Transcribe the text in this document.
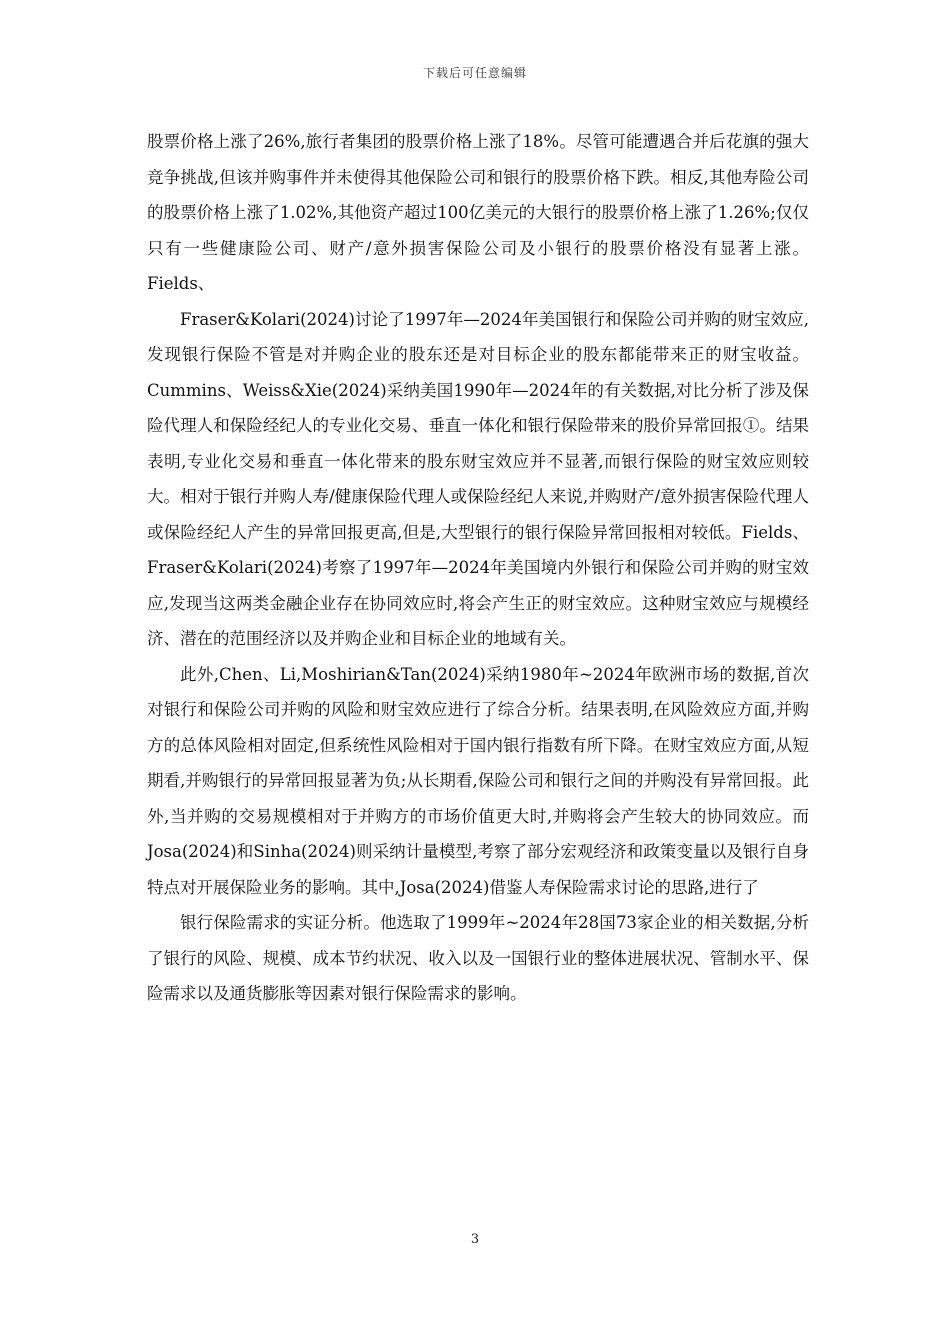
下载后可任意编辑

股票价格上涨了26%,旅行者集团的股票价格上涨了18%。尽管可能遭遇合并后花旗的强大竞争挑战,但该并购事件并未使得其他保险公司和银行的股票价格下跌。相反,其他寿险公司的股票价格上涨了1.02%,其他资产超过100亿美元的大银行的股票价格上涨了1.26%;仅仅只有一些健康险公司、财产/意外损害保险公司及小银行的股票价格没有显著上涨。Fields、

Fraser&Kolari(2024)讨论了1997年—2024年美国银行和保险公司并购的财宝效应,发现银行保险不管是对并购企业的股东还是对目标企业的股东都能带来正的财宝收益。Cummins、Weiss&Xie(2024)采纳美国1990年—2024年的有关数据,对比分析了涉及保险代理人和保险经纪人的专业化交易、垂直一体化和银行保险带来的股价异常回报①。结果表明,专业化交易和垂直一体化带来的股东财宝效应并不显著,而银行保险的财宝效应则较大。相对于银行并购人寿/健康保险代理人或保险经纪人来说,并购财产/意外损害保险代理人或保险经纪人产生的异常回报更高,但是,大型银行的银行保险异常回报相对较低。Fields、Fraser&Kolari(2024)考察了1997年—2024年美国境内外银行和保险公司并购的财宝效应,发现当这两类金融企业存在协同效应时,将会产生正的财宝效应。这种财宝效应与规模经济、潜在的范围经济以及并购企业和目标企业的地域有关。

此外,Chen、Li,Moshirian&Tan(2024)采纳1980年~2024年欧洲市场的数据,首次对银行和保险公司并购的风险和财宝效应进行了综合分析。结果表明,在风险效应方面,并购方的总体风险相对固定,但系统性风险相对于国内银行指数有所下降。在财宝效应方面,从短期看,并购银行的异常回报显著为负;从长期看,保险公司和银行之间的并购没有异常回报。此外,当并购的交易规模相对于并购方的市场价值更大时,并购将会产生较大的协同效应。而Josa(2024)和Sinha(2024)则采纳计量模型,考察了部分宏观经济和政策变量以及银行自身特点对开展保险业务的影响。其中,Josa(2024)借鉴人寿保险需求讨论的思路,进行了

银行保险需求的实证分析。他选取了1999年~2024年28国73家企业的相关数据,分析了银行的风险、规模、成本节约状况、收入以及一国银行业的整体进展状况、管制水平、保险需求以及通货膨胀等因素对银行保险需求的影响。

3
